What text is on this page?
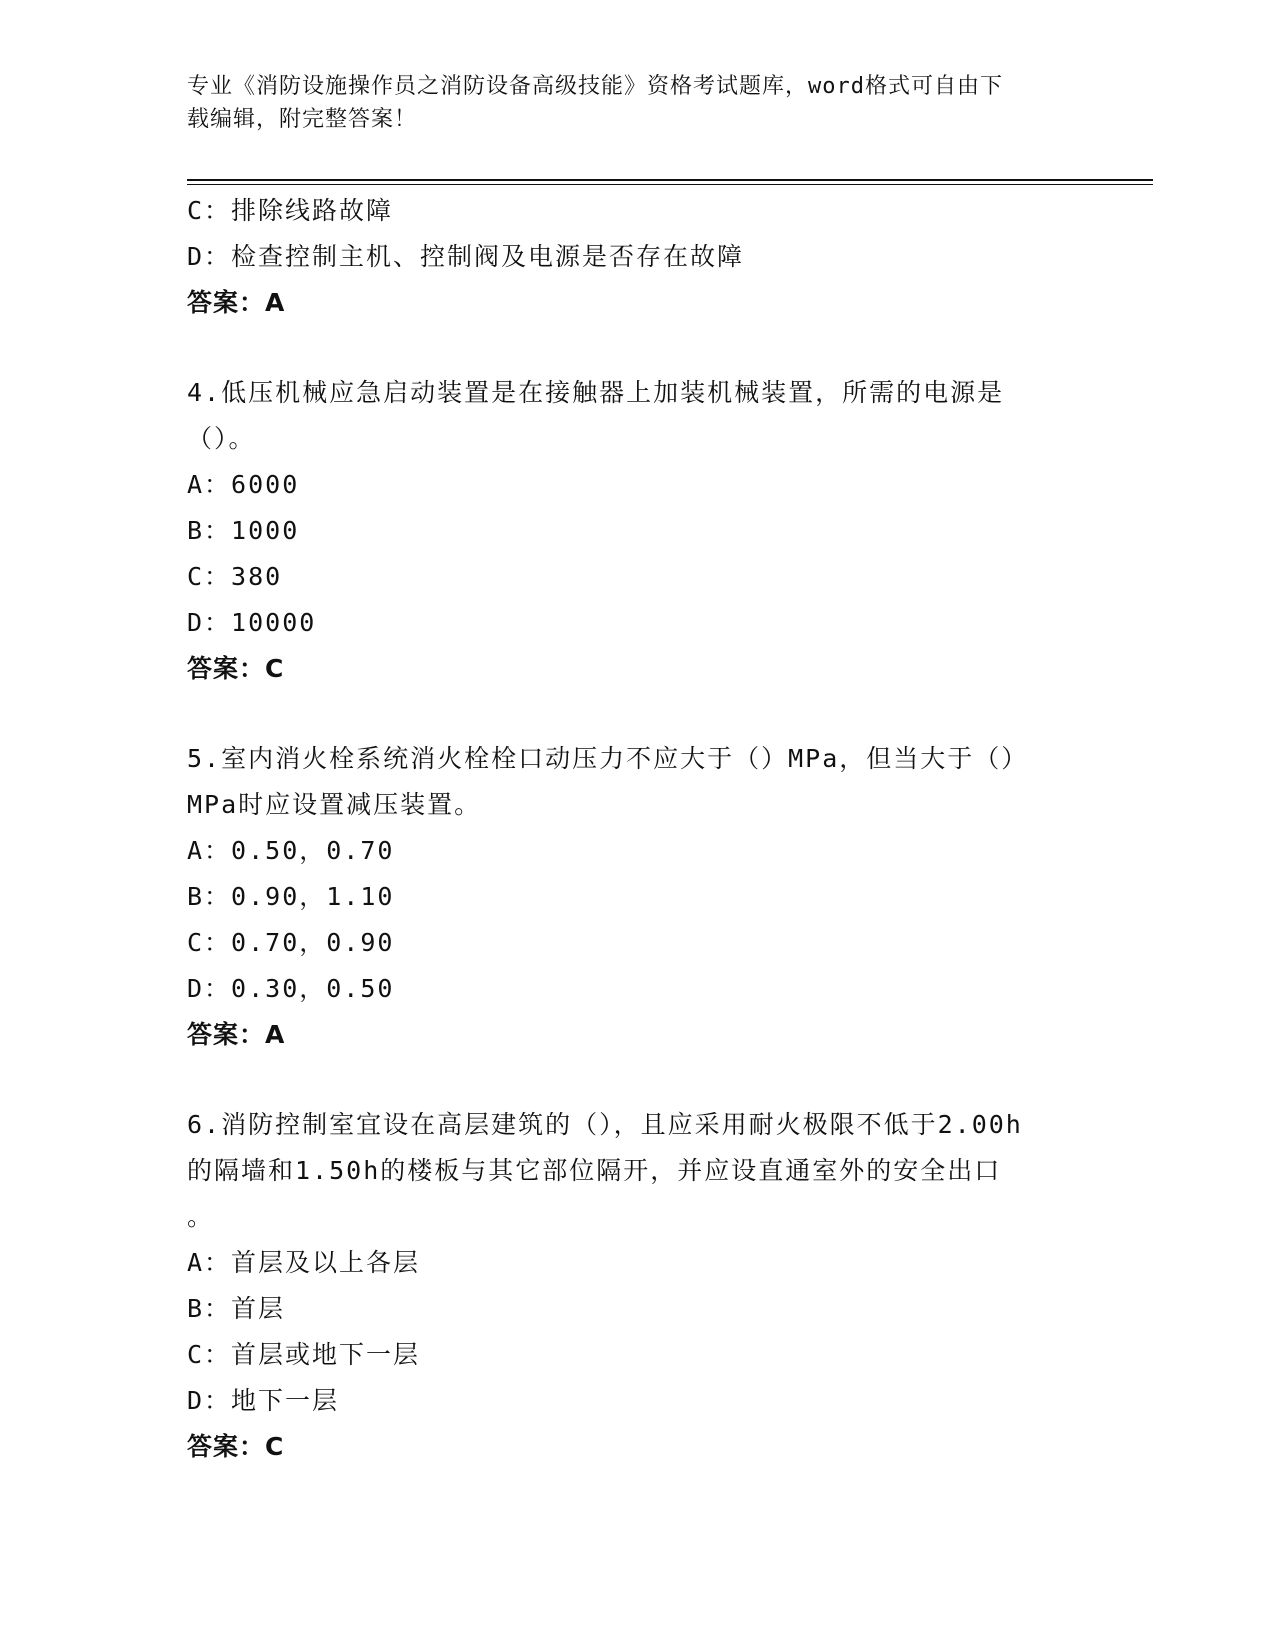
专业《消防设施操作员之消防设备高级技能》资格考试题库，word格式可自由下
载编辑，附完整答案！
C：排除线路故障
D：检查控制主机、控制阀及电源是否存在故障
答案：A
4.低压机械应急启动装置是在接触器上加装机械装置，所需的电源是
（）。
A：6000
B：1000
C：380
D：10000
答案：C
5.室内消火栓系统消火栓栓口动压力不应大于（）MPa，但当大于（）
MPa时应设置减压装置。
A：0.50，0.70
B：0.90，1.10
C：0.70，0.90
D：0.30，0.50
答案：A
6.消防控制室宜设在高层建筑的（），且应采用耐火极限不低于2.00h
的隔墙和1.50h的楼板与其它部位隔开，并应设直通室外的安全出口
。
A：首层及以上各层
B：首层
C：首层或地下一层
D：地下一层
答案：C
